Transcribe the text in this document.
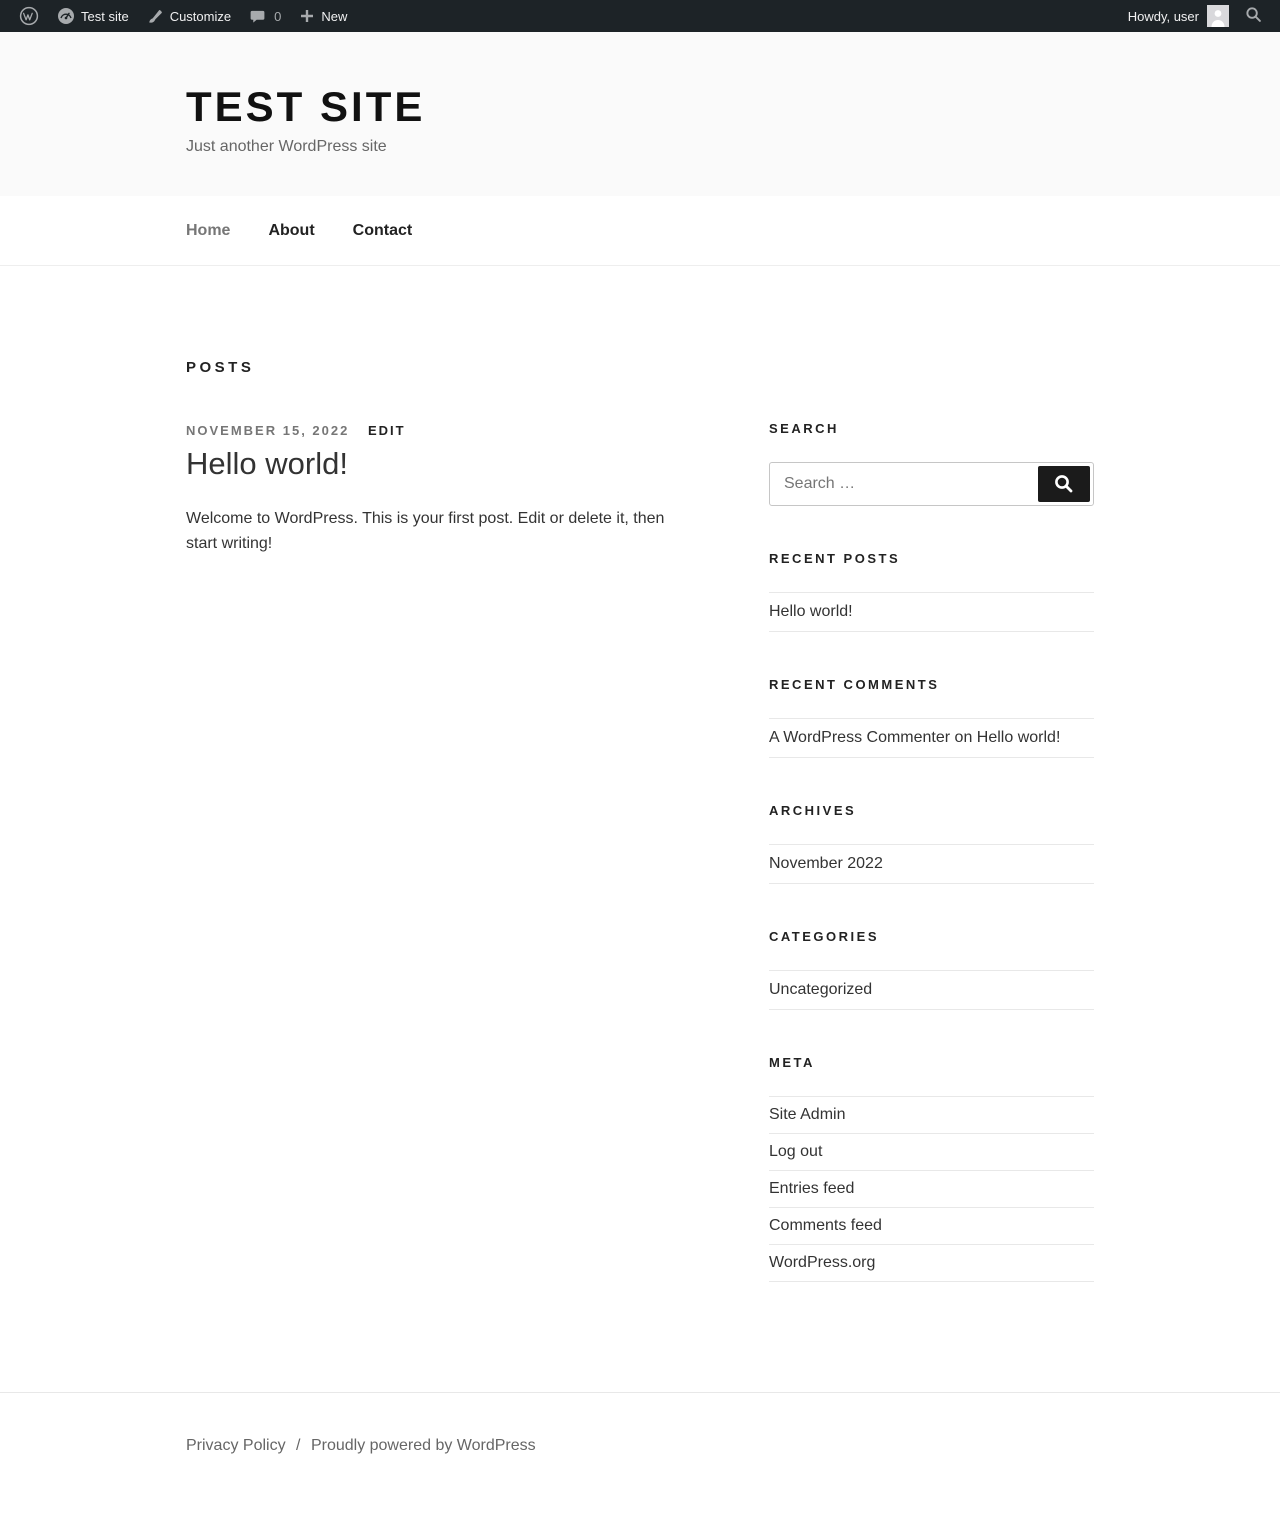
Test site	Customize	0	New	Howdy, user
TEST SITE

Just another WordPress site

Home About Contact
POSTS
NOVEMBER 15, 2022 EDIT
Hello world!

Welcome to WordPress. This is your first post. Edit or delete it, then start writing!

SEARCH
Search …
RECENT POSTS
Hello world!
RECENT COMMENTS
A WordPress Commenter on Hello world!
ARCHIVES
November 2022
CATEGORIES
Uncategorized
META
Site Admin
Log out
Entries feed
Comments feed
WordPress.org
Privacy Policy / Proudly powered by WordPress
